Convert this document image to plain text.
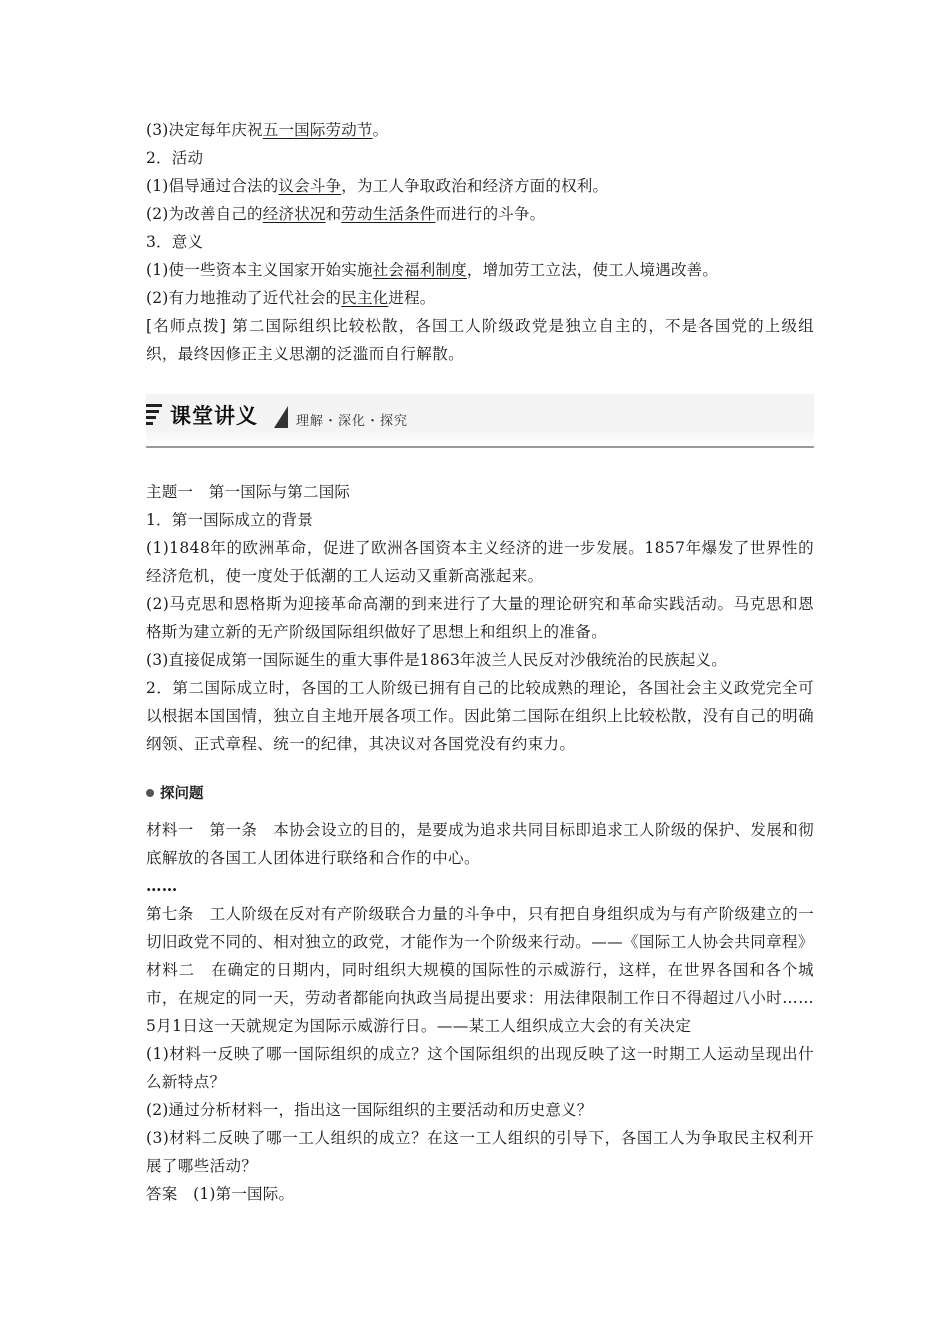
(3)决定每年庆祝五一国际劳动节。
2．活动
(1)倡导通过合法的议会斗争，为工人争取政治和经济方面的权利。
(2)为改善自己的经济状况和劳动生活条件而进行的斗争。
3．意义
(1)使一些资本主义国家开始实施社会福利制度，增加劳工立法，使工人境遇改善。
(2)有力地推动了近代社会的民主化进程。
[名师点拨] 第二国际组织比较松散，各国工人阶级政党是独立自主的，不是各国党的上级组织，最终因修正主义思潮的泛滥而自行解散。
课堂讲义	理解・深化・探究
主题一　第一国际与第二国际
1．第一国际成立的背景
(1)1848年的欧洲革命，促进了欧洲各国资本主义经济的进一步发展。1857年爆发了世界性的经济危机，使一度处于低潮的工人运动又重新高涨起来。
(2)马克思和恩格斯为迎接革命高潮的到来进行了大量的理论研究和革命实践活动。马克思和恩格斯为建立新的无产阶级国际组织做好了思想上和组织上的准备。
(3)直接促成第一国际诞生的重大事件是1863年波兰人民反对沙俄统治的民族起义。
2．第二国际成立时，各国的工人阶级已拥有自己的比较成熟的理论，各国社会主义政党完全可以根据本国国情，独立自主地开展各项工作。因此第二国际在组织上比较松散，没有自己的明确纲领、正式章程、统一的纪律，其决议对各国党没有约束力。
探问题
材料一　第一条　本协会设立的目的，是要成为追求共同目标即追求工人阶级的保护、发展和彻底解放的各国工人团体进行联络和合作的中心。
……
第七条　工人阶级在反对有产阶级联合力量的斗争中，只有把自身组织成为与有产阶级建立的一切旧政党不同的、相对独立的政党，才能作为一个阶级来行动。——《国际工人协会共同章程》
材料二　在确定的日期内，同时组织大规模的国际性的示威游行，这样，在世界各国和各个城市，在规定的同一天，劳动者都能向执政当局提出要求：用法律限制工作日不得超过八小时……5月1日这一天就规定为国际示威游行日。——某工人组织成立大会的有关决定
(1)材料一反映了哪一国际组织的成立？这个国际组织的出现反映了这一时期工人运动呈现出什么新特点？
(2)通过分析材料一，指出这一国际组织的主要活动和历史意义？
(3)材料二反映了哪一工人组织的成立？在这一工人组织的引导下，各国工人为争取民主权利开展了哪些活动？
答案　(1)第一国际。
